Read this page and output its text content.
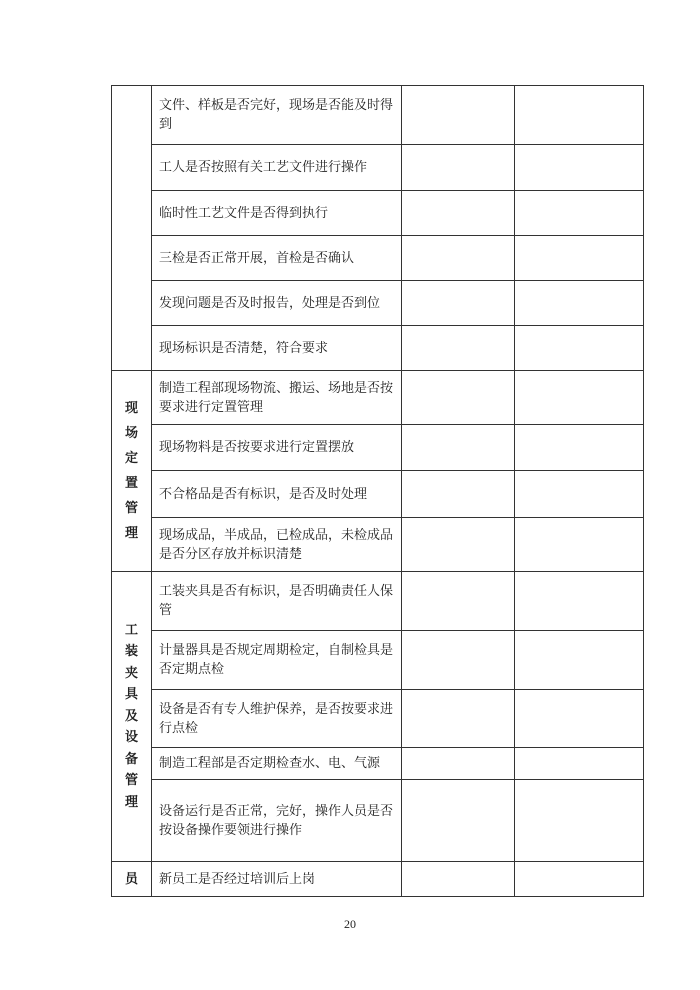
	文件、样板是否完好，现场是否能及时得到		
	工人是否按照有关工艺文件进行操作		
	临时性工艺文件是否得到执行		
	三检是否正常开展，首检是否确认		
	发现问题是否及时报告，处理是否到位		
	现场标识是否清楚，符合要求		

现场定置管理	制造工程部现场物流、搬运、场地是否按要求进行定置管理		
	现场物料是否按要求进行定置摆放		
	不合格品是否有标识，是否及时处理		
	现场成品，半成品，已检成品，未检成品是否分区存放并标识清楚		

工装夹具及设备管理	工装夹具是否有标识，是否明确责任人保管		
	计量器具是否规定周期检定，自制检具是否定期点检		
	设备是否有专人维护保养，是否按要求进行点检		
	制造工程部是否定期检查水、电、气源		
	设备运行是否正常，完好，操作人员是否按设备操作要领进行操作		
员	新员工是否经过培训后上岗		
20
